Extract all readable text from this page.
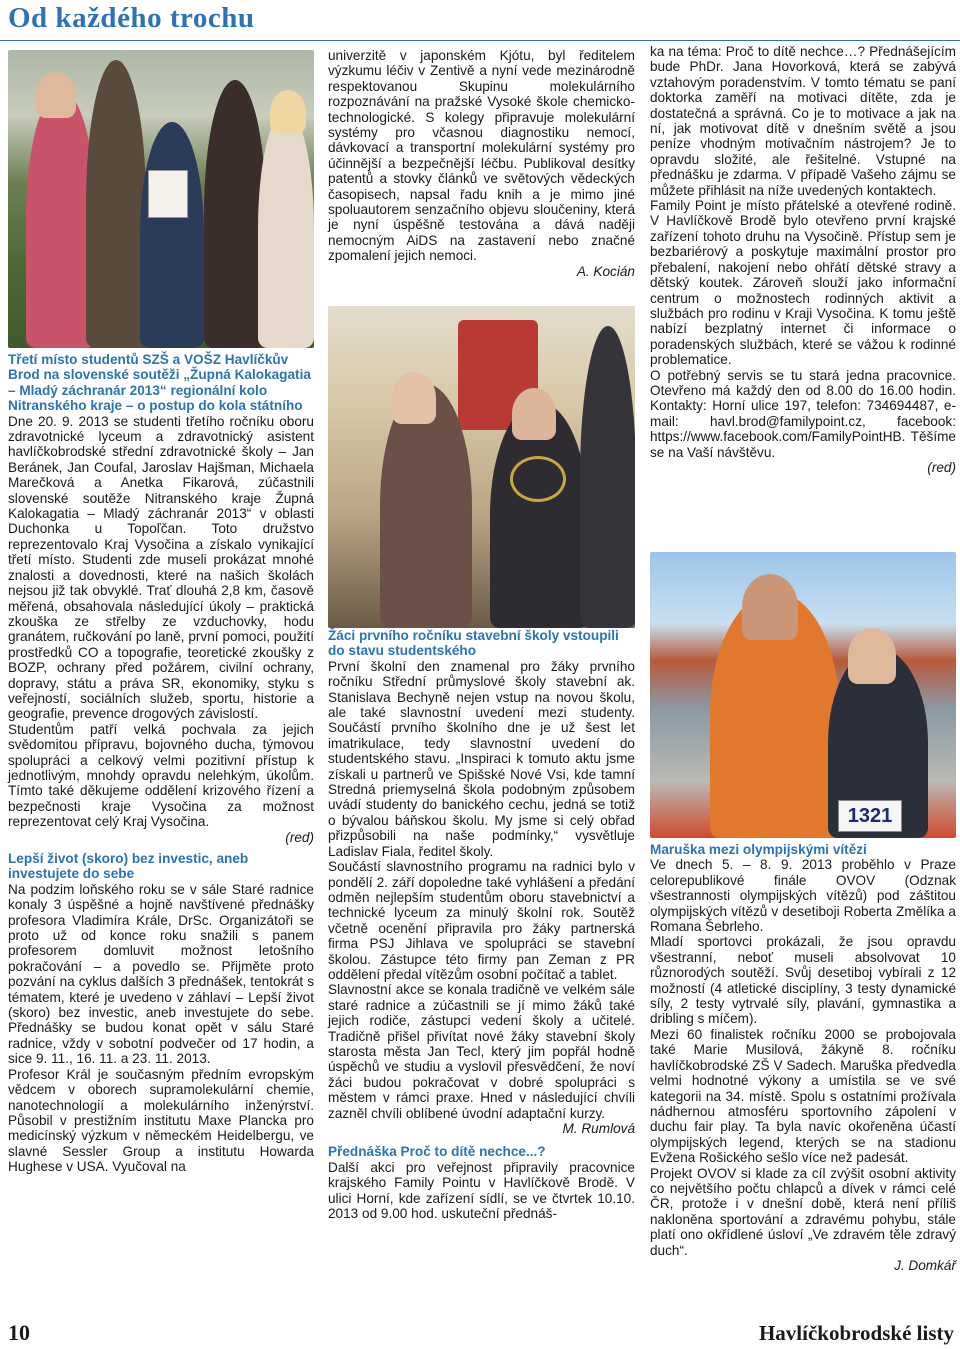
Od každého trochu
1321

Třetí místo studentů SZŠ a VOŠZ Havlíčkův Brod na slovenské soutěži „Župná Kalokagatia – Mladý záchranár 2013“ regionální kolo Nitranského kraje – o postup do kola státního

Dne 20. 9. 2013 se studenti třetího ročníku oboru zdravotnické lyceum a zdravotnický asistent havlíčkobrodské střední zdravotnické školy – Jan Beránek, Jan Coufal, Jaroslav Hajšman, Michaela Marečková a Anetka Fikarová, zúčastnili slovenské soutěže Nitranského kraje Župná Kalokagatia – Mladý záchranár 2013“ v oblasti Duchonka u Topoľčan. Toto družstvo reprezentovalo Kraj Vysočina a získalo vynikající třetí místo. Studenti zde museli prokázat mnohé znalosti a dovednosti, které na našich školách nejsou již tak obvyklé. Trať dlouhá 2,8 km, časově měřená, obsahovala následující úkoly – praktická zkouška ze střelby ze vzduchovky, hodu granátem, ručkování po laně, první pomoci, použití prostředků CO a topografie, teoretické zkoušky z BOZP, ochrany před požárem, civilní ochrany, dopravy, státu a práva SR, ekonomiky, styku s veřejností, sociálních služeb, sportu, historie a geografie, prevence drogových závislostí.

Studentům patří velká pochvala za jejich svědomitou přípravu, bojovného ducha, týmovou spolupráci a celkový velmi pozitivní přístup k jednotlivým, mnohdy opravdu nelehkým, úkolům. Tímto také děkujeme oddělení krizového řízení a bezpečnosti kraje Vysočina za možnost reprezentovat celý Kraj Vysočina.

(red)

Lepší život (skoro) bez investic, aneb investujete do sebe

Na podzim loňského roku se v sále Staré radnice konaly 3 úspěšné a hojně navštívené přednášky profesora Vladimíra Krále, DrSc. Organizátoři se proto už od konce roku snažili s panem profesorem domluvit možnost letošního pokračování – a povedlo se. Přijměte proto pozvání na cyklus dalších 3 přednášek, tentokrát s tématem, které je uvedeno v záhlaví – Lepší život (skoro) bez investic, aneb investujete do sebe. Přednášky se budou konat opět v sálu Staré radnice, vždy v sobotní podvečer od 17 hodin, a sice 9. 11., 16. 11. a 23. 11. 2013.

Profesor Král je současným předním evropským vědcem v oborech supramolekulární chemie, nanotechnologií a molekulárního inženýrství. Působil v prestižním institutu Maxe Plancka pro medicínský výzkum v německém Heidelbergu, ve slavné Sessler Group a institutu Howarda Hughese v USA. Vyučoval na

univerzitě v japonském Kjótu, byl ředitelem výzkumu léčiv v Zentivě a nyní vede mezinárodně respektovanou Skupinu molekulárního rozpoznávání na pražské Vysoké škole chemicko-technologické. S kolegy připravuje molekulární systémy pro včasnou diagnostiku nemocí, dávkovací a transportní molekulární systémy pro účinnější a bezpečnější léčbu. Publikoval desítky patentů a stovky článků ve světových vědeckých časopisech, napsal řadu knih a je mimo jiné spoluautorem senzačního objevu sloučeniny, která je nyní úspěšně testována a dává naději nemocným AiDS na zastavení nebo značné zpomalení jejich nemoci.

A. Kocián

Žáci prvního ročníku stavební školy vstoupili do stavu studentského

První školní den znamenal pro žáky prvního ročníku Střední průmyslové školy stavební ak. Stanislava Bechyně nejen vstup na novou školu, ale také slavnostní uvedení mezi studenty. Součástí prvního školního dne je už šest let imatrikulace, tedy slavnostní uvedení do studentského stavu. „Inspiraci k tomuto aktu jsme získali u partnerů ve Spišské Nové Vsi, kde tamní Stredná priemyselná škola podobným způsobem uvádí studenty do banického cechu, jedná se totiž o bývalou báňskou školu. My jsme si celý obřad přizpůsobili na naše podmínky,“ vysvětluje Ladislav Fiala, ředitel školy.

Součástí slavnostního programu na radnici bylo v pondělí 2. září dopoledne také vyhlášení a předání odměn nejlepším studentům oboru stavebnictví a technické lyceum za minulý školní rok. Soutěž včetně ocenění připravila pro žáky partnerská firma PSJ Jihlava ve spolupráci se stavební školou. Zástupce této firmy pan Zeman z PR oddělení předal vítězům osobní počítač a tablet.

Slavnostní akce se konala tradičně ve velkém sále staré radnice a zúčastnili se jí mimo žáků také jejich rodiče, zástupci vedení školy a učitelé. Tradičně přišel přivítat nové žáky stavební školy starosta města Jan Tecl, který jim popřál hodně úspěchů ve studiu a vyslovil přesvědčení, že noví žáci budou pokračovat v dobré spolupráci s městem v rámci praxe. Hned v následující chvíli zazněl chvíli oblíbené úvodní adaptační kurzy.

M. Rumlová

Přednáška Proč to dítě nechce...?

Další akci pro veřejnost připravily pracovnice krajského Family Pointu v Havlíčkově Brodě. V ulici Horní, kde zařízení sídlí, se ve čtvrtek 10.10. 2013 od 9.00 hod. uskuteční přednáš-

ka na téma: Proč to dítě nechce…? Přednášejícím bude PhDr. Jana Hovorková, která se zabývá vztahovým poradenstvím. V tomto tématu se paní doktorka zaměří na motivaci dítěte, zda je dostatečná a správná. Co je to motivace a jak na ní, jak motivovat dítě v dnešním světě a jsou peníze vhodným motivačním nástrojem? Je to opravdu složité, ale řešitelné. Vstupné na přednášku je zdarma. V případě Vašeho zájmu se můžete přihlásit na níže uvedených kontaktech.

Family Point je místo přátelské a otevřené rodině. V Havlíčkově Brodě bylo otevřeno první krajské zařízení tohoto druhu na Vysočině. Přístup sem je bezbariérový a poskytuje maximální prostor pro přebalení, nakojení nebo ohřátí dětské stravy a dětský koutek. Zároveň slouží jako informační centrum o možnostech rodinných aktivit a službách pro rodinu v Kraji Vysočina. K tomu ještě nabízí bezplatný internet či informace o poradenských službách, které se vážou k rodinné problematice.

O potřebný servis se tu stará jedna pracovnice. Otevřeno má každý den od 8.00 do 16.00 hodin. Kontakty: Horní ulice 197, telefon: 734694487, e-mail: havl.brod@familypoint.cz, facebook: https://www.facebook.com/FamilyPointHB. Těšíme se na Vaší návštěvu.

(red)

Maruška mezi olympijskými vítězi

Ve dnech 5. – 8. 9. 2013 proběhlo v Praze celorepublikové finále OVOV (Odznak všestrannosti olympijských vítězů) pod záštitou olympijských vítězů v desetiboji Roberta Změlíka a Romana Šebrleho.

Mladí sportovci prokázali, že jsou opravdu všestranní, neboť museli absolvovat 10 různorodých soutěží. Svůj desetiboj vybírali z 12 možností (4 atletické disciplíny, 3 testy dynamické síly, 2 testy vytrvalé síly, plavání, gymnastika a dribling s míčem).

Mezi 60 finalistek ročníku 2000 se probojovala také Marie Musilová, žákyně 8. ročníku havlíčkobrodské ZŠ V Sadech. Maruška předvedla velmi hodnotné výkony a umístila se ve své kategorii na 34. místě. Spolu s ostatními prožívala nádhernou atmosféru sportovního zápolení v duchu fair play. Ta byla navíc okořeněna účastí olympijských legend, kterých se na stadionu Evžena Rošického sešlo více než padesát.

Projekt OVOV si klade za cíl zvýšit osobní aktivity co největšího počtu chlapců a dívek v rámci celé ČR, protože i v dnešní době, která není příliš nakloněna sportování a zdravému pohybu, stále platí ono okřídlené úsloví „Ve zdravém těle zdravý duch“.

J. Domkář

10	Havlíčkobrodské listy
